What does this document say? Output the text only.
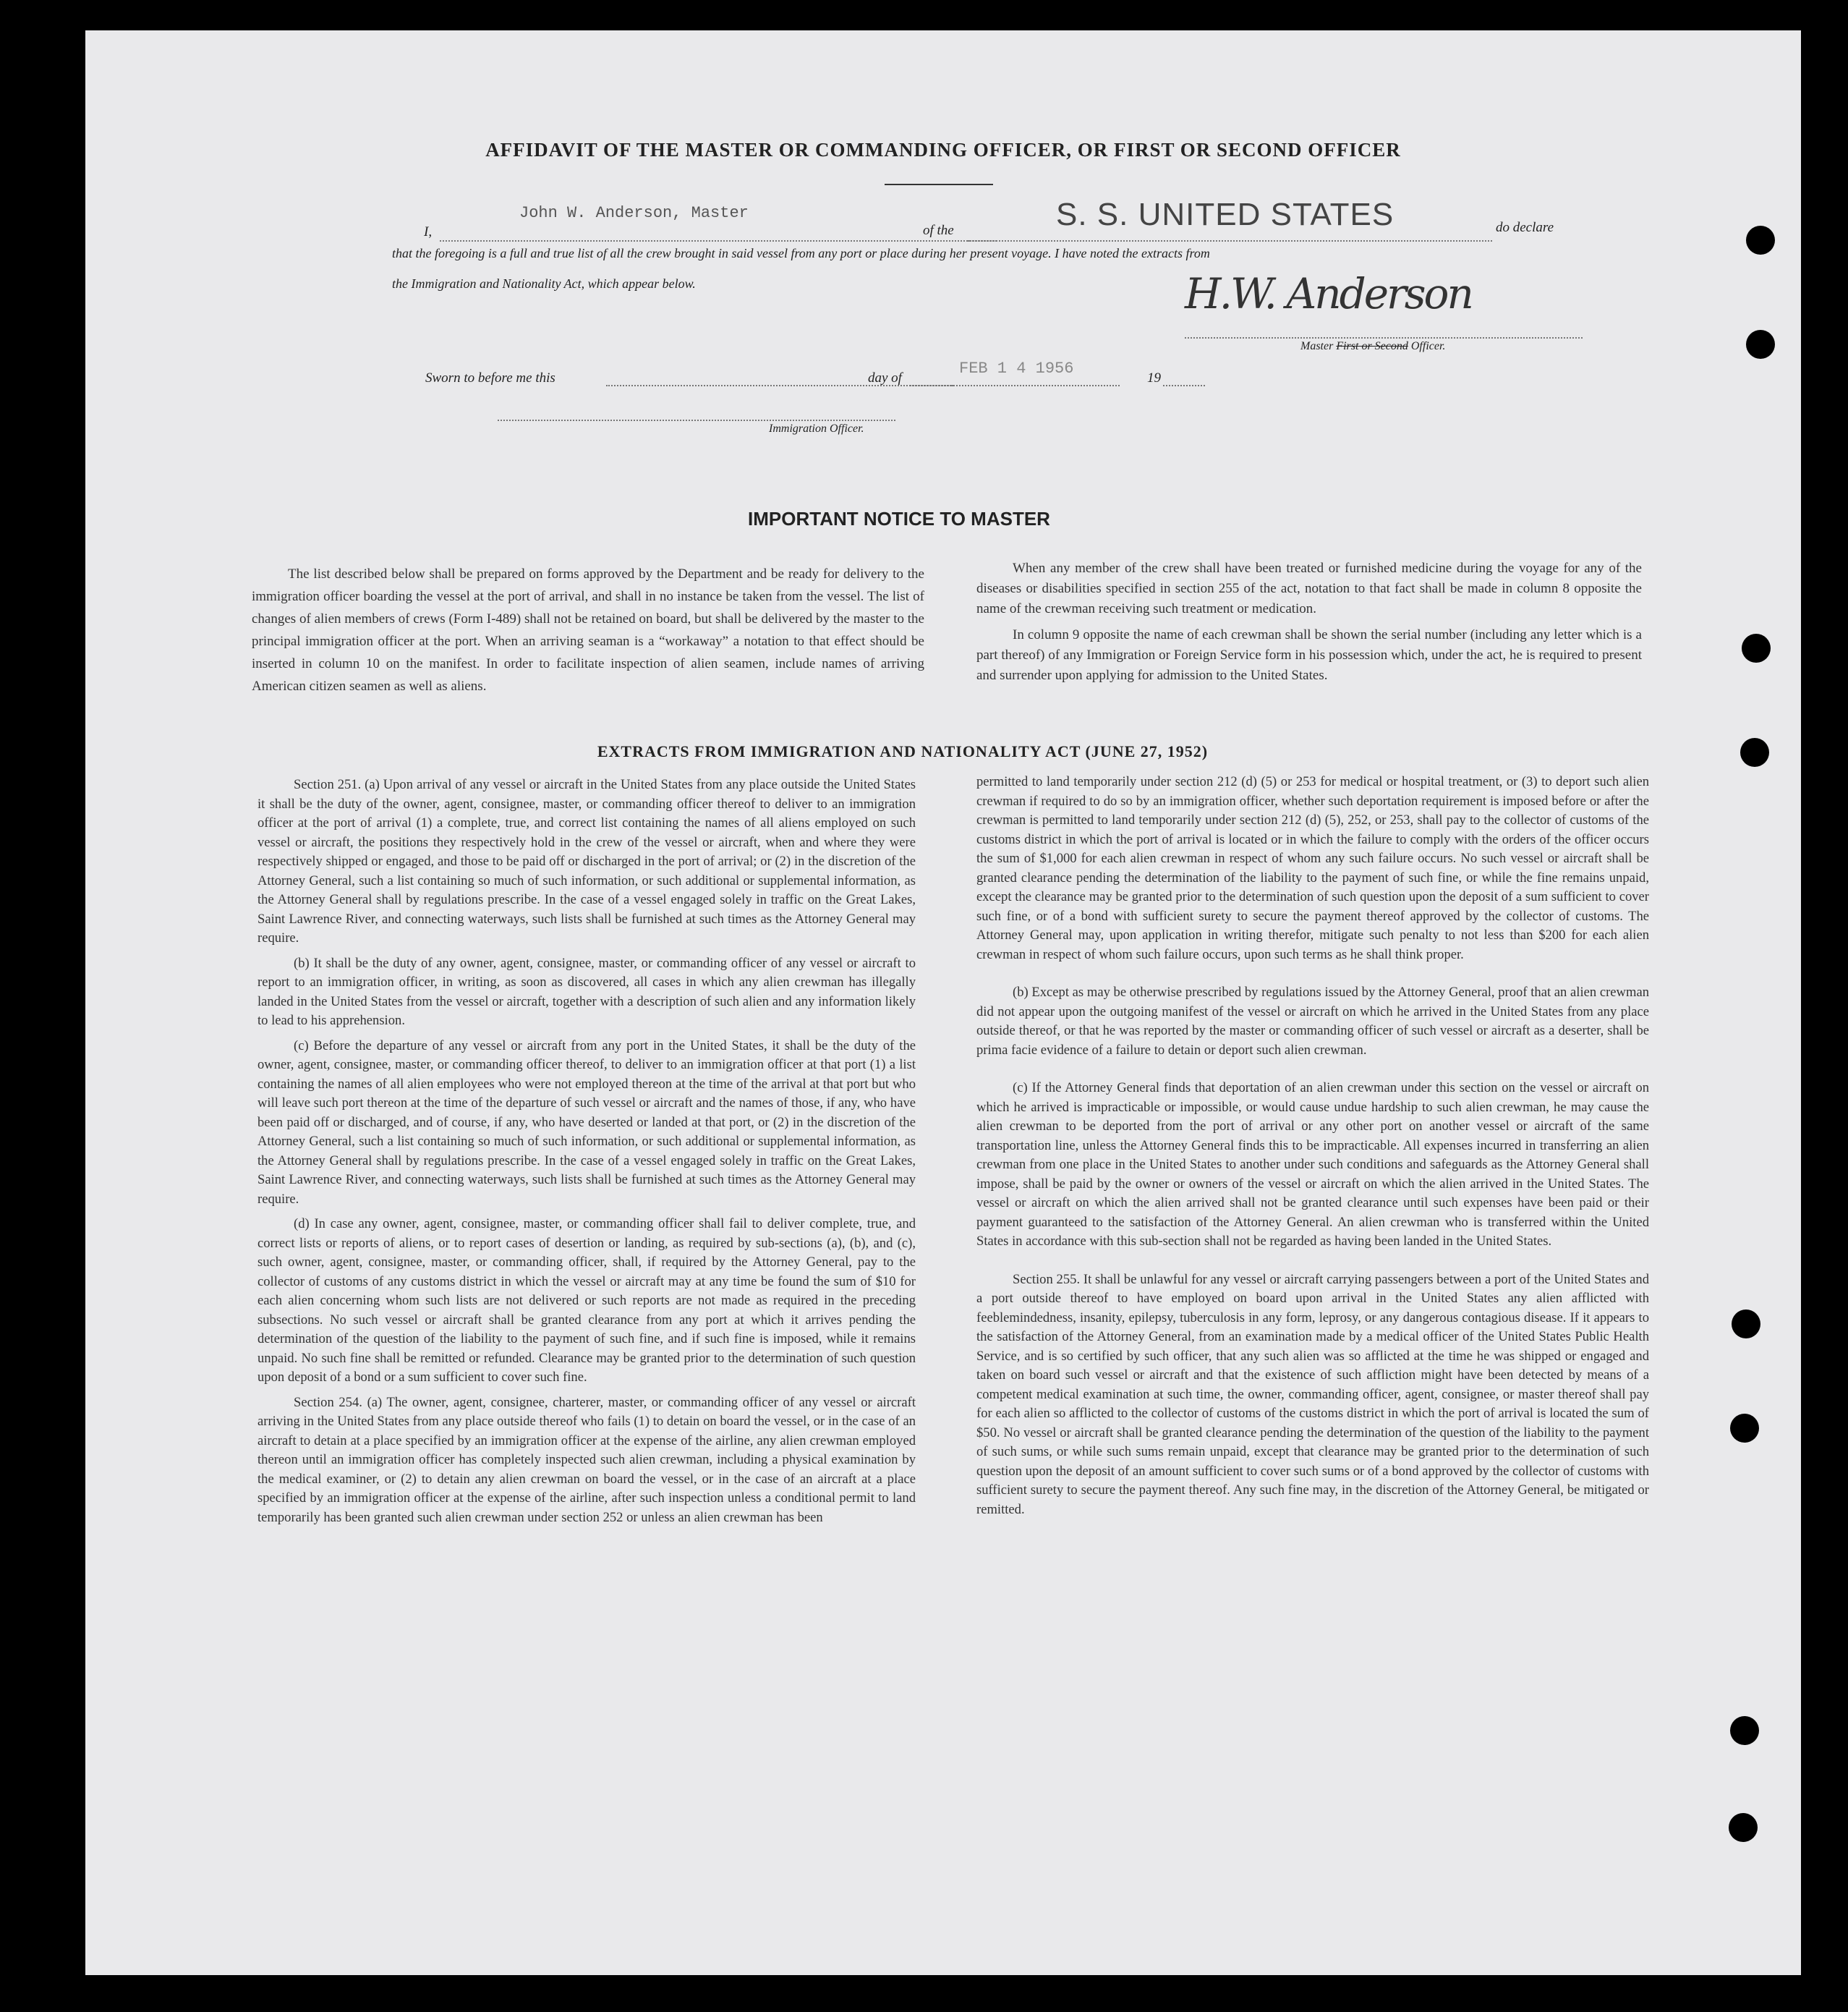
AFFIDAVIT OF THE MASTER OR COMMANDING OFFICER, OR FIRST OR SECOND OFFICER
I,
John W. Anderson, Master
of the	S. S. UNITED STATES	do declare
that the foregoing is a full and true list of all the crew brought in said vessel from any port or place during her present voyage. I have noted the extracts from
the Immigration and Nationality Act, which appear below.	H.W. Anderson
Master First or Second Officer.
Sworn to before me this	day of
FEB 1 4 1956
19
Immigration Officer.
IMPORTANT NOTICE TO MASTER

The list described below shall be prepared on forms approved by the Department and be ready for delivery to the immigration officer boarding the vessel at the port of arrival, and shall in no instance be taken from the vessel. The list of changes of alien members of crews (Form I-489) shall not be retained on board, but shall be delivered by the master to the principal immigration officer at the port. When an arriving seaman is a “workaway” a notation to that effect should be inserted in column 10 on the manifest. In order to facilitate inspection of alien seamen, include names of arriving American citizen seamen as well as aliens.

When any member of the crew shall have been treated or furnished medicine during the voyage for any of the diseases or disabilities specified in section 255 of the act, notation to that fact shall be made in column 8 opposite the name of the crewman receiving such treatment or medication.

In column 9 opposite the name of each crewman shall be shown the serial number (including any letter which is a part thereof) of any Immigration or Foreign Service form in his possession which, under the act, he is required to present and surrender upon applying for admission to the United States.

EXTRACTS FROM IMMIGRATION AND NATIONALITY ACT (JUNE 27, 1952)

Section 251. (a) Upon arrival of any vessel or aircraft in the United States from any place outside the United States it shall be the duty of the owner, agent, consignee, master, or commanding officer thereof to deliver to an immigration officer at the port of arrival (1) a complete, true, and correct list containing the names of all aliens employed on such vessel or aircraft, the positions they respectively hold in the crew of the vessel or aircraft, when and where they were respectively shipped or engaged, and those to be paid off or discharged in the port of arrival; or (2) in the discretion of the Attorney General, such a list containing so much of such information, or such additional or supplemental information, as the Attorney General shall by regulations prescribe. In the case of a vessel engaged solely in traffic on the Great Lakes, Saint Lawrence River, and connecting waterways, such lists shall be furnished at such times as the Attorney General may require.

(b) It shall be the duty of any owner, agent, consignee, master, or commanding officer of any vessel or aircraft to report to an immigration officer, in writing, as soon as discovered, all cases in which any alien crewman has illegally landed in the United States from the vessel or aircraft, together with a description of such alien and any information likely to lead to his apprehension.

(c) Before the departure of any vessel or aircraft from any port in the United States, it shall be the duty of the owner, agent, consignee, master, or commanding officer thereof, to deliver to an immigration officer at that port (1) a list containing the names of all alien employees who were not employed thereon at the time of the arrival at that port but who will leave such port thereon at the time of the departure of such vessel or aircraft and the names of those, if any, who have been paid off or discharged, and of course, if any, who have deserted or landed at that port, or (2) in the discretion of the Attorney General, such a list containing so much of such information, or such additional or supplemental information, as the Attorney General shall by regulations prescribe. In the case of a vessel engaged solely in traffic on the Great Lakes, Saint Lawrence River, and connecting waterways, such lists shall be furnished at such times as the Attorney General may require.

(d) In case any owner, agent, consignee, master, or commanding officer shall fail to deliver complete, true, and correct lists or reports of aliens, or to report cases of desertion or landing, as required by sub-sections (a), (b), and (c), such owner, agent, consignee, master, or commanding officer, shall, if required by the Attorney General, pay to the collector of customs of any customs district in which the vessel or aircraft may at any time be found the sum of $10 for each alien concerning whom such lists are not delivered or such reports are not made as required in the preceding subsections. No such vessel or aircraft shall be granted clearance from any port at which it arrives pending the determination of the question of the liability to the payment of such fine, and if such fine is imposed, while it remains unpaid. No such fine shall be remitted or refunded. Clearance may be granted prior to the determination of such question upon deposit of a bond or a sum sufficient to cover such fine.

Section 254. (a) The owner, agent, consignee, charterer, master, or commanding officer of any vessel or aircraft arriving in the United States from any place outside thereof who fails (1) to detain on board the vessel, or in the case of an aircraft to detain at a place specified by an immigration officer at the expense of the airline, any alien crewman employed thereon until an immigration officer has completely inspected such alien crewman, including a physical examination by the medical examiner, or (2) to detain any alien crewman on board the vessel, or in the case of an aircraft at a place specified by an immigration officer at the expense of the airline, after such inspection unless a conditional permit to land temporarily has been granted such alien crewman under section 252 or unless an alien crewman has been

permitted to land temporarily under section 212 (d) (5) or 253 for medical or hospital treatment, or (3) to deport such alien crewman if required to do so by an immigration officer, whether such deportation requirement is imposed before or after the crewman is permitted to land temporarily under section 212 (d) (5), 252, or 253, shall pay to the collector of customs of the customs district in which the port of arrival is located or in which the failure to comply with the orders of the officer occurs the sum of $1,000 for each alien crewman in respect of whom any such failure occurs. No such vessel or aircraft shall be granted clearance pending the determination of the liability to the payment of such fine, or while the fine remains unpaid, except the clearance may be granted prior to the determination of such question upon the deposit of a sum sufficient to cover such fine, or of a bond with sufficient surety to secure the payment thereof approved by the collector of customs. The Attorney General may, upon application in writing therefor, mitigate such penalty to not less than $200 for each alien crewman in respect of whom such failure occurs, upon such terms as he shall think proper.

(b) Except as may be otherwise prescribed by regulations issued by the Attorney General, proof that an alien crewman did not appear upon the outgoing manifest of the vessel or aircraft on which he arrived in the United States from any place outside thereof, or that he was reported by the master or commanding officer of such vessel or aircraft as a deserter, shall be prima facie evidence of a failure to detain or deport such alien crewman.

(c) If the Attorney General finds that deportation of an alien crewman under this section on the vessel or aircraft on which he arrived is impracticable or impossible, or would cause undue hardship to such alien crewman, he may cause the alien crewman to be deported from the port of arrival or any other port on another vessel or aircraft of the same transportation line, unless the Attorney General finds this to be impracticable. All expenses incurred in transferring an alien crewman from one place in the United States to another under such conditions and safeguards as the Attorney General shall impose, shall be paid by the owner or owners of the vessel or aircraft on which the alien arrived in the United States. The vessel or aircraft on which the alien arrived shall not be granted clearance until such expenses have been paid or their payment guaranteed to the satisfaction of the Attorney General. An alien crewman who is transferred within the United States in accordance with this sub-section shall not be regarded as having been landed in the United States.

Section 255. It shall be unlawful for any vessel or aircraft carrying passengers between a port of the United States and a port outside thereof to have employed on board upon arrival in the United States any alien afflicted with feeblemindedness, insanity, epilepsy, tuberculosis in any form, leprosy, or any dangerous contagious disease. If it appears to the satisfaction of the Attorney General, from an examination made by a medical officer of the United States Public Health Service, and is so certified by such officer, that any such alien was so afflicted at the time he was shipped or engaged and taken on board such vessel or aircraft and that the existence of such affliction might have been detected by means of a competent medical examination at such time, the owner, commanding officer, agent, consignee, or master thereof shall pay for each alien so afflicted to the collector of customs of the customs district in which the port of arrival is located the sum of $50. No vessel or aircraft shall be granted clearance pending the determination of the question of the liability to the payment of such sums, or while such sums remain unpaid, except that clearance may be granted prior to the determination of such question upon the deposit of an amount sufficient to cover such sums or of a bond approved by the collector of customs with sufficient surety to secure the payment thereof. Any such fine may, in the discretion of the Attorney General, be mitigated or remitted.
